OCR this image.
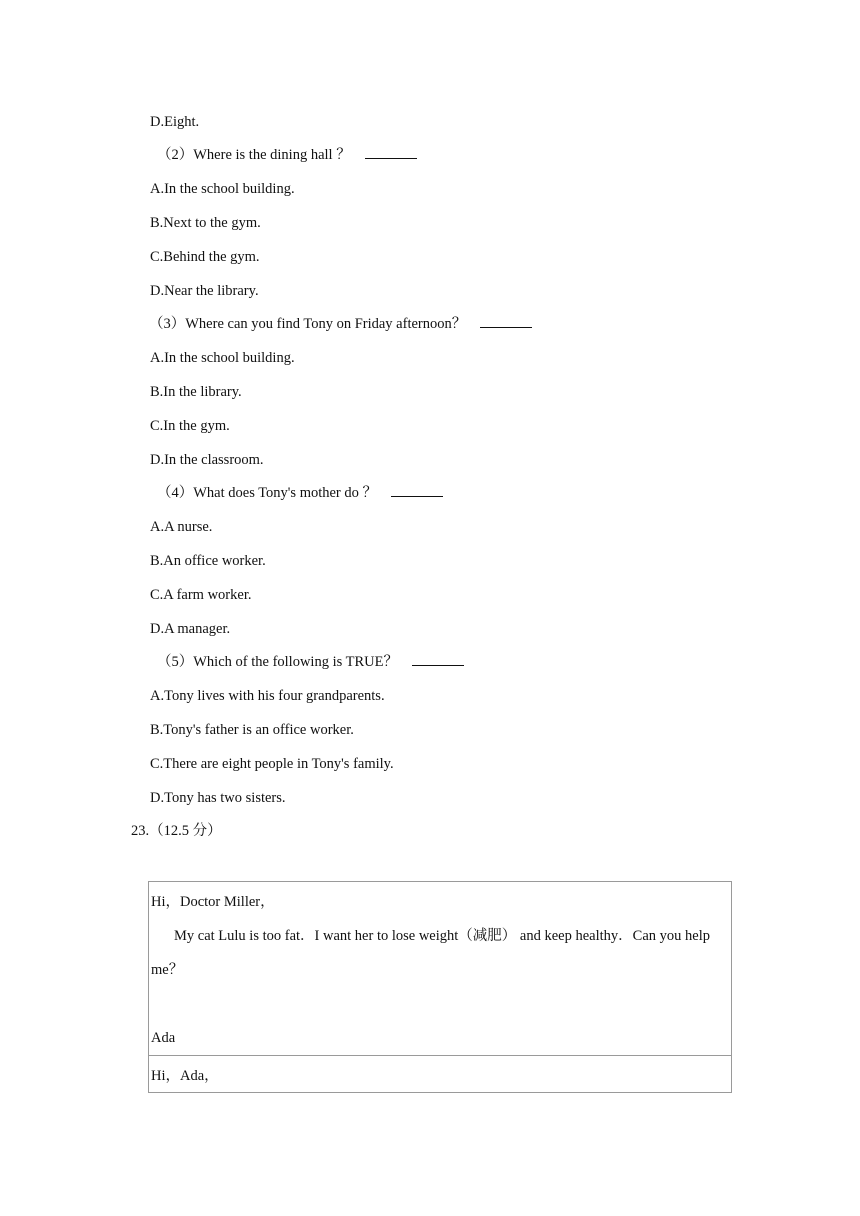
D.Eight.
（2）Where is the dining hall ？
A.In the school building.
B.Next to the gym.
C.Behind the gym.
D.Near the library.
（3）Where can you find Tony on Friday afternoon？
A.In the school building.
B.In the library.
C.In the gym.
D.In the classroom.
（4）What does Tony's mother do ？
A.A nurse.
B.An office worker.
C.A farm worker.
D.A manager.
（5）Which of the following is TRUE？
A.Tony lives with his four grandparents.
B.Tony's father is an office worker.
C.There are eight people in Tony's family.
D.Tony has two sisters.
23.（12.5 分）
Hi，Doctor Miller，
My cat Lulu is too fat．I want her to lose weight（减肥） and keep healthy．Can you help
me？
Ada
Hi，Ada，
